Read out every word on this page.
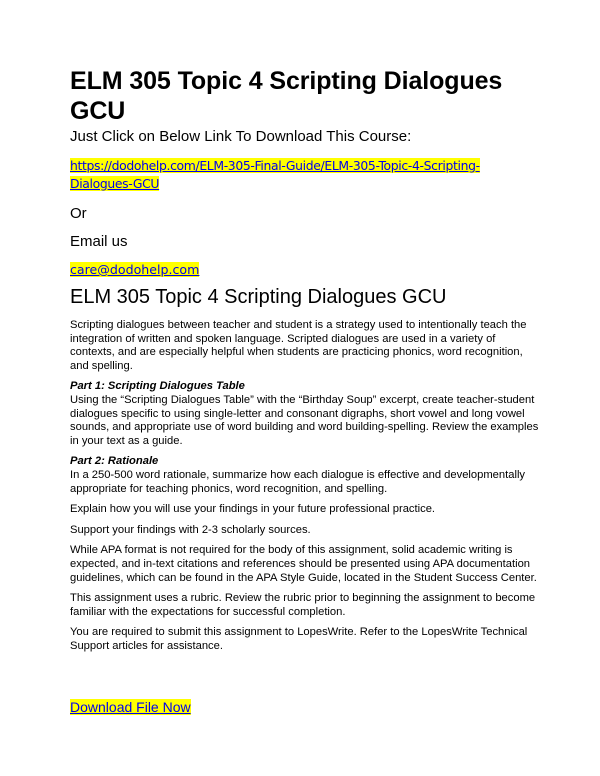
ELM 305 Topic 4 Scripting Dialogues GCU

Just Click on Below Link To Download This Course:

https://dodohelp.com/ELM-305-Final-Guide/ELM-305-Topic-4-Scripting-
Dialogues-GCU

Or

Email us

care@dodohelp.com

ELM 305 Topic 4 Scripting Dialogues GCU

Scripting dialogues between teacher and student is a strategy used to intentionally teach the integration of written and spoken language. Scripted dialogues are used in a variety of contexts, and are especially helpful when students are practicing phonics, word recognition, and spelling.

Part 1: Scripting Dialogues Table

Using the “Scripting Dialogues Table” with the “Birthday Soup” excerpt, create teacher-student dialogues specific to using single-letter and consonant digraphs, short vowel and long vowel sounds, and appropriate use of word building and word building-spelling. Review the examples in your text as a guide.

Part 2: Rationale

In a 250-500 word rationale, summarize how each dialogue is effective and developmentally appropriate for teaching phonics, word recognition, and spelling.

Explain how you will use your findings in your future professional practice.

Support your findings with 2-3 scholarly sources.

While APA format is not required for the body of this assignment, solid academic writing is expected, and in-text citations and references should be presented using APA documentation guidelines, which can be found in the APA Style Guide, located in the Student Success Center.

This assignment uses a rubric. Review the rubric prior to beginning the assignment to become familiar with the expectations for successful completion.

You are required to submit this assignment to LopesWrite. Refer to the LopesWrite Technical Support articles for assistance.

Download File Now
